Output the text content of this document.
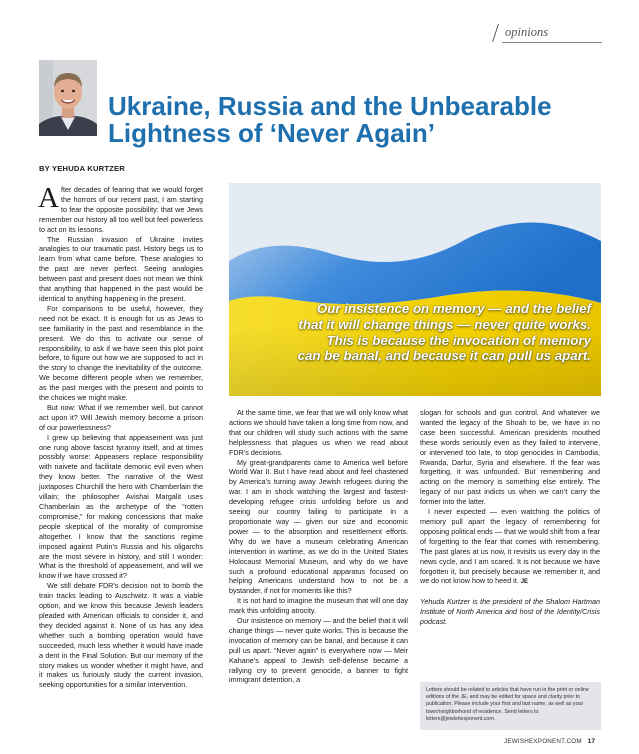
opinions
Ukraine, Russia and the Unbearable
Lightness of ‘Never Again’
BY YEHUDA KURTZER

After decades of fearing that we would forget the horrors of our recent past, I am starting to fear the opposite possibility: that we Jews remember our history all too well but feel powerless to act on its lessons.

The Russian invasion of Ukraine invites analogies to our traumatic past. History begs us to learn from what came before. These analogies to the past are never perfect. Seeing analogies between past and present does not mean we think that anything that happened in the past would be identical to anything happening in the present.

For comparisons to be useful, however, they need not be exact. It is enough for us as Jews to see familiarity in the past and resemblance in the present. We do this to activate our sense of responsibility, to ask if we have seen this plot point before, to figure out how we are supposed to act in the story to change the inevitability of the outcome. We become different people when we remember, as the past merges with the present and points to the choices we might make.

But now: What if we remember well, but cannot act upon it? Will Jewish memory become a prison of our powerlessness?

I grew up believing that appeasement was just one rung above fascist tyranny itself, and at times possibly worse: Appeasers replace responsibility with naivete and facilitate demonic evil even when they know better. The narrative of the West juxtaposes Churchill the hero with Chamberlain the villain; the philosopher Avishai Margalit uses Chamberlain as the archetype of the “rotten compromise,” for making concessions that make people skeptical of the morality of compromise altogether. I know that the sanctions regime imposed against Putin’s Russia and his oligarchs are the most severe in history, and still I wonder: What is the threshold of appeasement, and will we know if we have crossed it?

We still debate FDR’s decision not to bomb the train tracks leading to Auschwitz. It was a viable option, and we know this because Jewish leaders pleaded with American officials to consider it, and they decided against it. None of us has any idea whether such a bombing operation would have succeeded, much less whether it would have made a dent in the Final Solution. But our memory of the story makes us wonder whether it might have, and it makes us furiously study the current invasion, seeking opportunities for a similar intervention.

Our insistence on memory — and the belief
that it will change things — never quite works.
This is because the invocation of memory
can be banal, and because it can pull us apart.

At the same time, we fear that we will only know what actions we should have taken a long time from now, and that our children will study such actions with the same helplessness that plagues us when we read about FDR’s decisions.

My great-grandparents came to America well before World War II. But I have read about and feel chastened by America’s turning away Jewish refugees during the war. I am in shock watching the largest and fastest-developing refugee crisis unfolding before us and seeing our country failing to participate in a proportionate way — given our size and economic power — to the absorption and resettlement efforts. Why do we have a museum celebrating American intervention in wartime, as we do in the United States Holocaust Memorial Museum, and why do we have such a profound educational apparatus focused on helping Americans understand how to not be a bystander, if not for moments like this?

It is not hard to imagine the museum that will one day mark this unfolding atrocity.

Our insistence on memory — and the belief that it will change things — never quite works. This is because the invocation of memory can be banal, and because it can pull us apart. “Never again” is everywhere now — Meir Kahane’s appeal to Jewish self-defense became a rallying cry to prevent genocide, a banner to fight immigrant detention, a

slogan for schools and gun control. And whatever we wanted the legacy of the Shoah to be, we have in no case been successful. American presidents mouthed these words seriously even as they failed to intervene, or intervened too late, to stop genocides in Cambodia, Rwanda, Darfur, Syria and elsewhere. If the fear was forgetting, it was unfounded. But remembering and acting on the memory is something else entirely. The legacy of our past indicts us when we can’t carry the former into the latter.

I never expected — even watching the politics of memory pull apart the legacy of remembering for opposing political ends — that we would shift from a fear of forgetting to the fear that comes with remembering. The past glares at us now, it revisits us every day in the news cycle, and I am scared. It is not because we have forgotten it, but precisely because we remember it, and we do not know how to heed it. JE

Yehuda Kurtzer is the president of the Shalom Hartman Institute of North America and host of the Identity/Crisis podcast.

Letters should be related to articles that have run in the print or online editions of the JE, and may be edited for space and clarity prior to publication. Please include your first and last name, as well as your town/neighborhood of residence. Send letters to letters@jewishexponent.com.
JEWISHEXPONENT.COM 17
